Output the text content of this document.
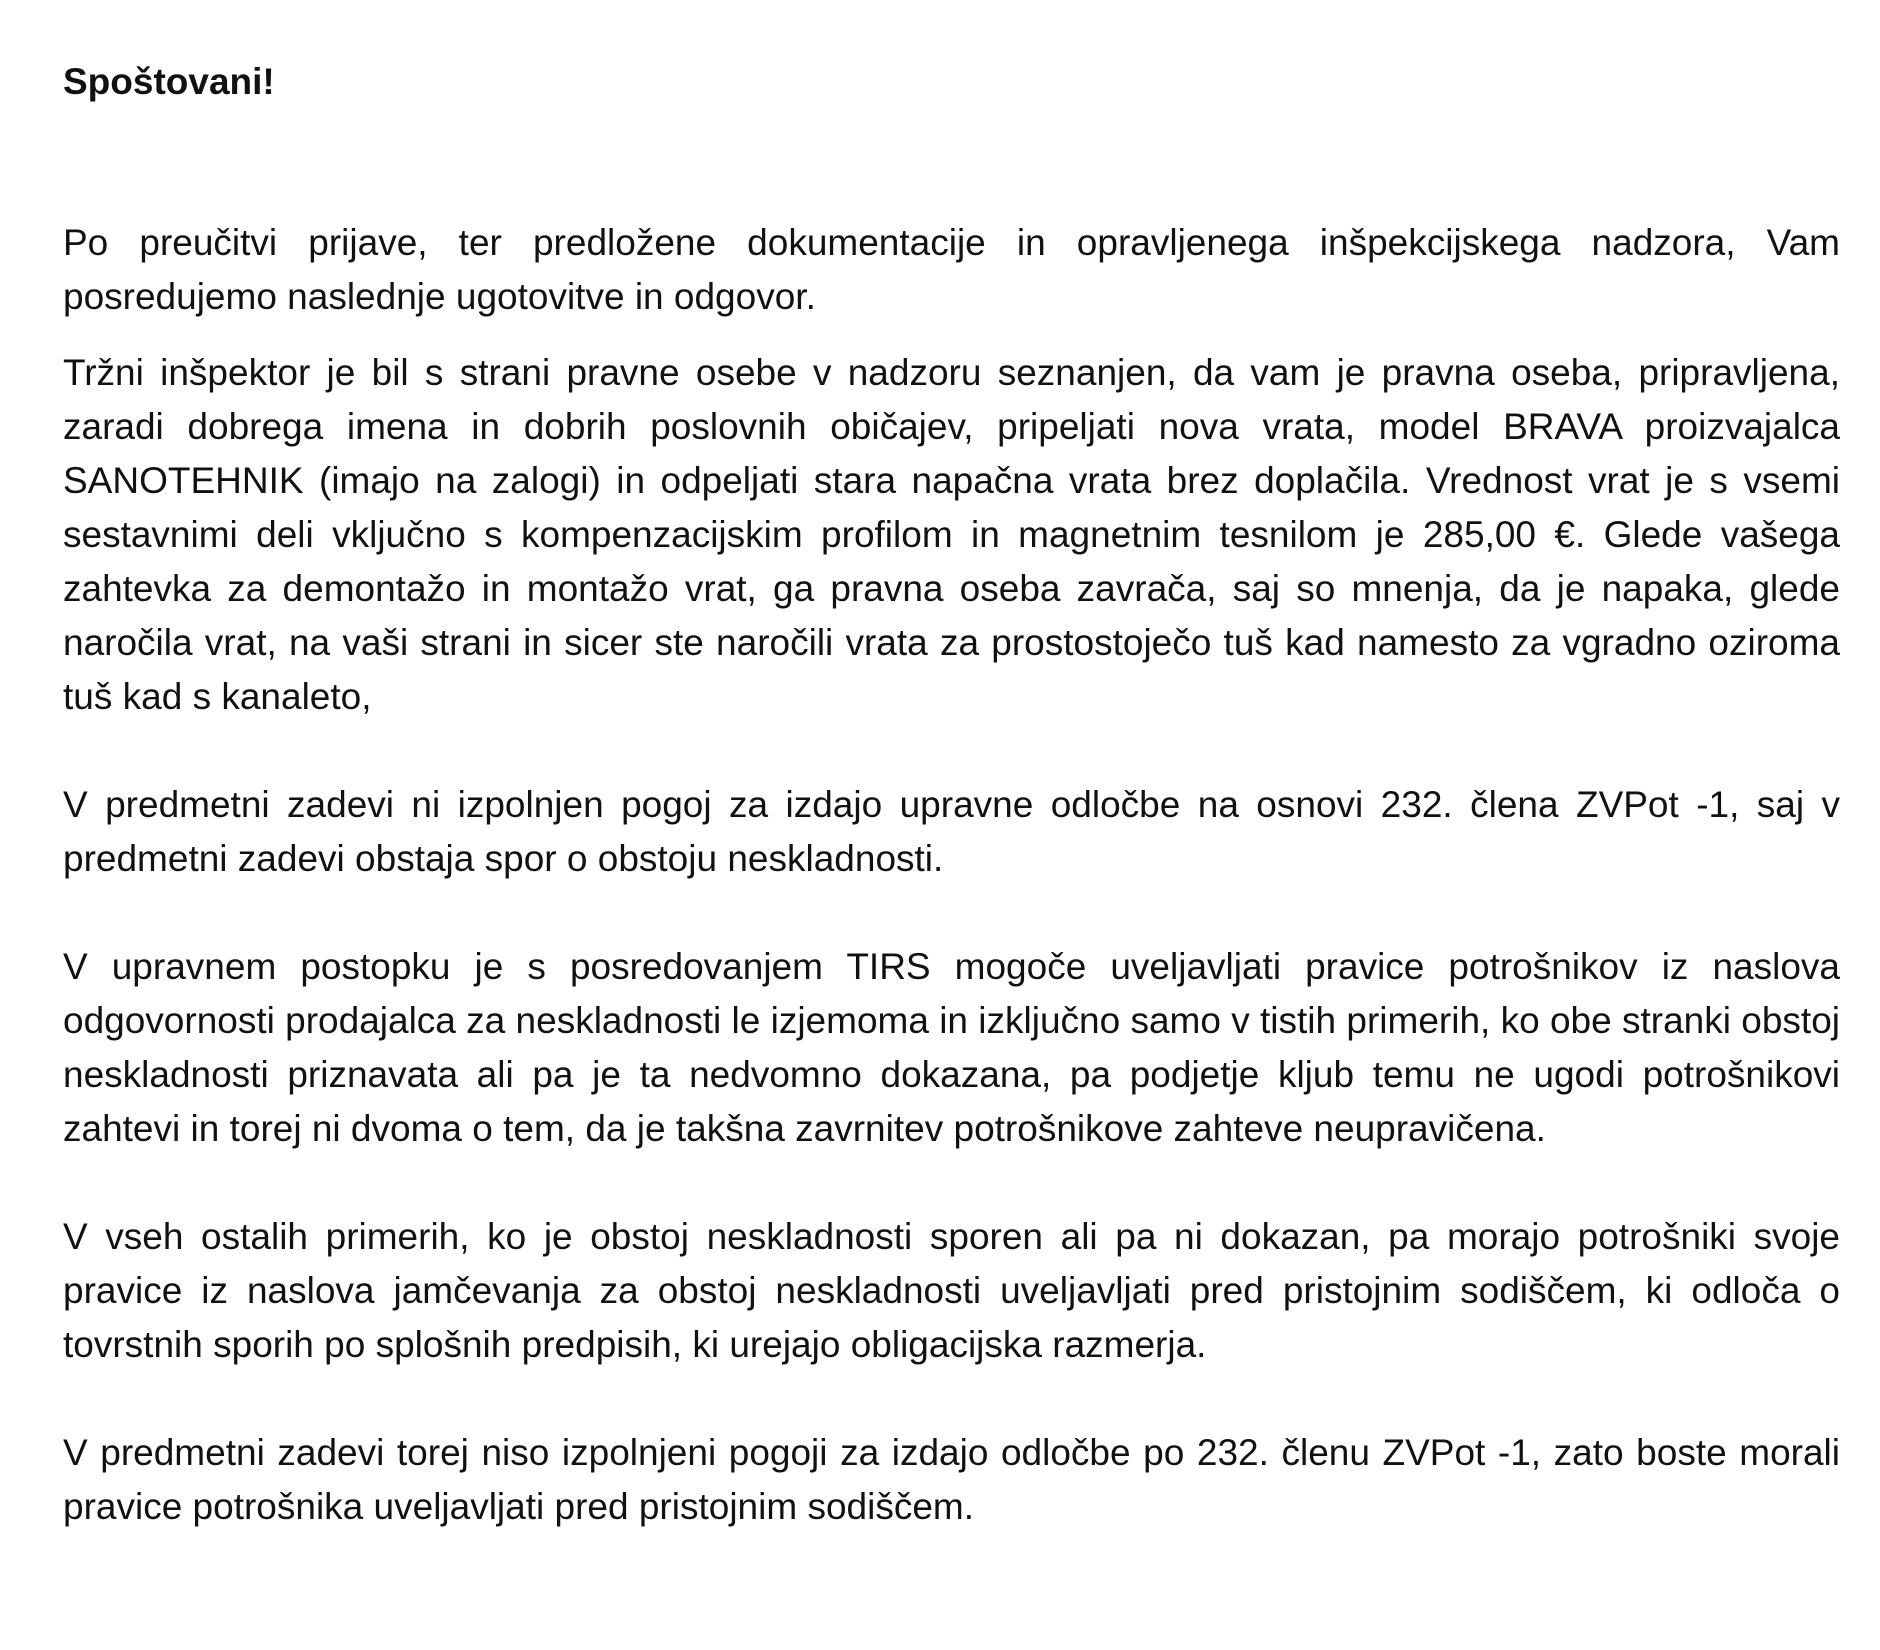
Spoštovani!

Po preučitvi prijave, ter predložene dokumentacije in opravljenega inšpekcijskega nadzora, Vam posredujemo naslednje ugotovitve in odgovor.

Tržni inšpektor je bil s strani pravne osebe v nadzoru seznanjen, da vam je pravna oseba, pripravljena, zaradi dobrega imena in dobrih poslovnih običajev, pripeljati nova vrata, model BRAVA proizvajalca SANOTEHNIK (imajo na zalogi) in odpeljati stara napačna vrata brez doplačila. Vrednost vrat je s vsemi sestavnimi deli vključno s kompenzacijskim profilom in magnetnim tesnilom je 285,00 €. Glede vašega zahtevka za demontažo in montažo vrat, ga pravna oseba zavrača, saj so mnenja, da je napaka, glede naročila vrat, na vaši strani in sicer ste naročili vrata za prostostoječo tuš kad namesto za vgradno oziroma tuš kad s kanaleto,

V predmetni zadevi ni izpolnjen pogoj za izdajo upravne odločbe na osnovi 232. člena ZVPot -1, saj v predmetni zadevi obstaja spor o obstoju neskladnosti.

V upravnem postopku je s posredovanjem TIRS mogoče uveljavljati pravice potrošnikov iz naslova odgovornosti prodajalca za neskladnosti le izjemoma in izključno samo v tistih primerih, ko obe stranki obstoj neskladnosti priznavata ali pa je ta nedvomno dokazana, pa podjetje kljub temu ne ugodi potrošnikovi zahtevi in torej ni dvoma o tem, da je takšna zavrnitev potrošnikove zahteve neupravičena.

V vseh ostalih primerih, ko je obstoj neskladnosti sporen ali pa ni dokazan, pa morajo potrošniki svoje pravice iz naslova jamčevanja za obstoj neskladnosti uveljavljati pred pristojnim sodiščem, ki odloča o tovrstnih sporih po splošnih predpisih, ki urejajo obligacijska razmerja.

V predmetni zadevi torej niso izpolnjeni pogoji za izdajo odločbe po 232. členu ZVPot -1, zato boste morali pravice potrošnika uveljavljati pred pristojnim sodiščem.
